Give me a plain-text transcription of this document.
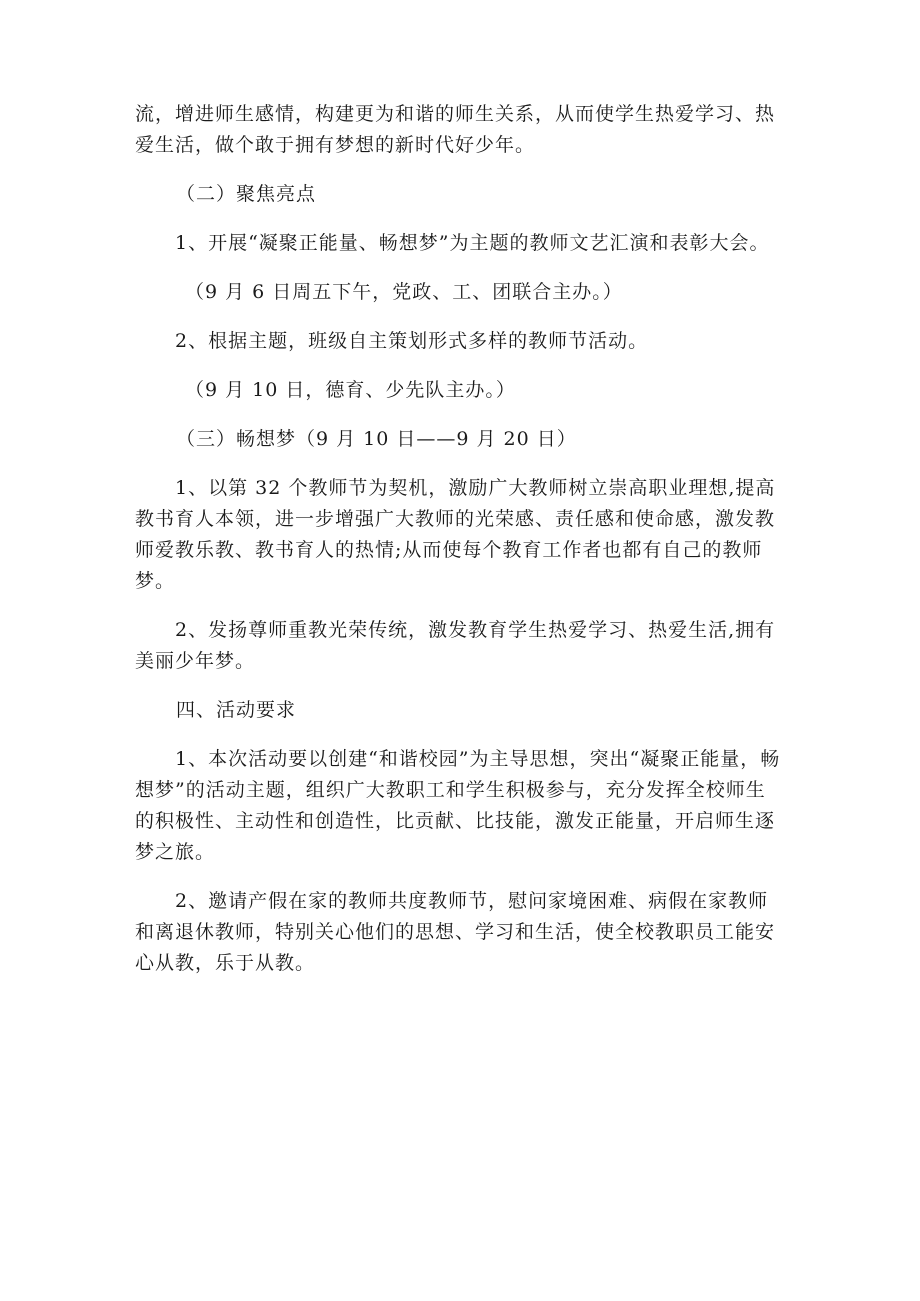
流，增进师生感情，构建更为和谐的师生关系，从而使学生热爱学习、热爱生活，做个敢于拥有梦想的新时代好少年。

（二）聚焦亮点

1、开展“凝聚正能量、畅想梦”为主题的教师文艺汇演和表彰大会。

（9 月 6 日周五下午，党政、工、团联合主办。）

2、根据主题，班级自主策划形式多样的教师节活动。

（9 月 10 日，德育、少先队主办。）

（三）畅想梦（9 月 10 日——9 月 20 日）

1、以第 32 个教师节为契机，激励广大教师树立崇高职业理想,提高教书育人本领，进一步增强广大教师的光荣感、责任感和使命感，激发教师爱教乐教、教书育人的热情;从而使每个教育工作者也都有自己的教师梦。

2、发扬尊师重教光荣传统，激发教育学生热爱学习、热爱生活,拥有美丽少年梦。

四、活动要求

1、本次活动要以创建“和谐校园”为主导思想，突出“凝聚正能量，畅想梦”的活动主题，组织广大教职工和学生积极参与，充分发挥全校师生的积极性、主动性和创造性，比贡献、比技能，激发正能量，开启师生逐梦之旅。

2、邀请产假在家的教师共度教师节，慰问家境困难、病假在家教师和离退休教师，特别关心他们的思想、学习和生活，使全校教职员工能安心从教，乐于从教。
